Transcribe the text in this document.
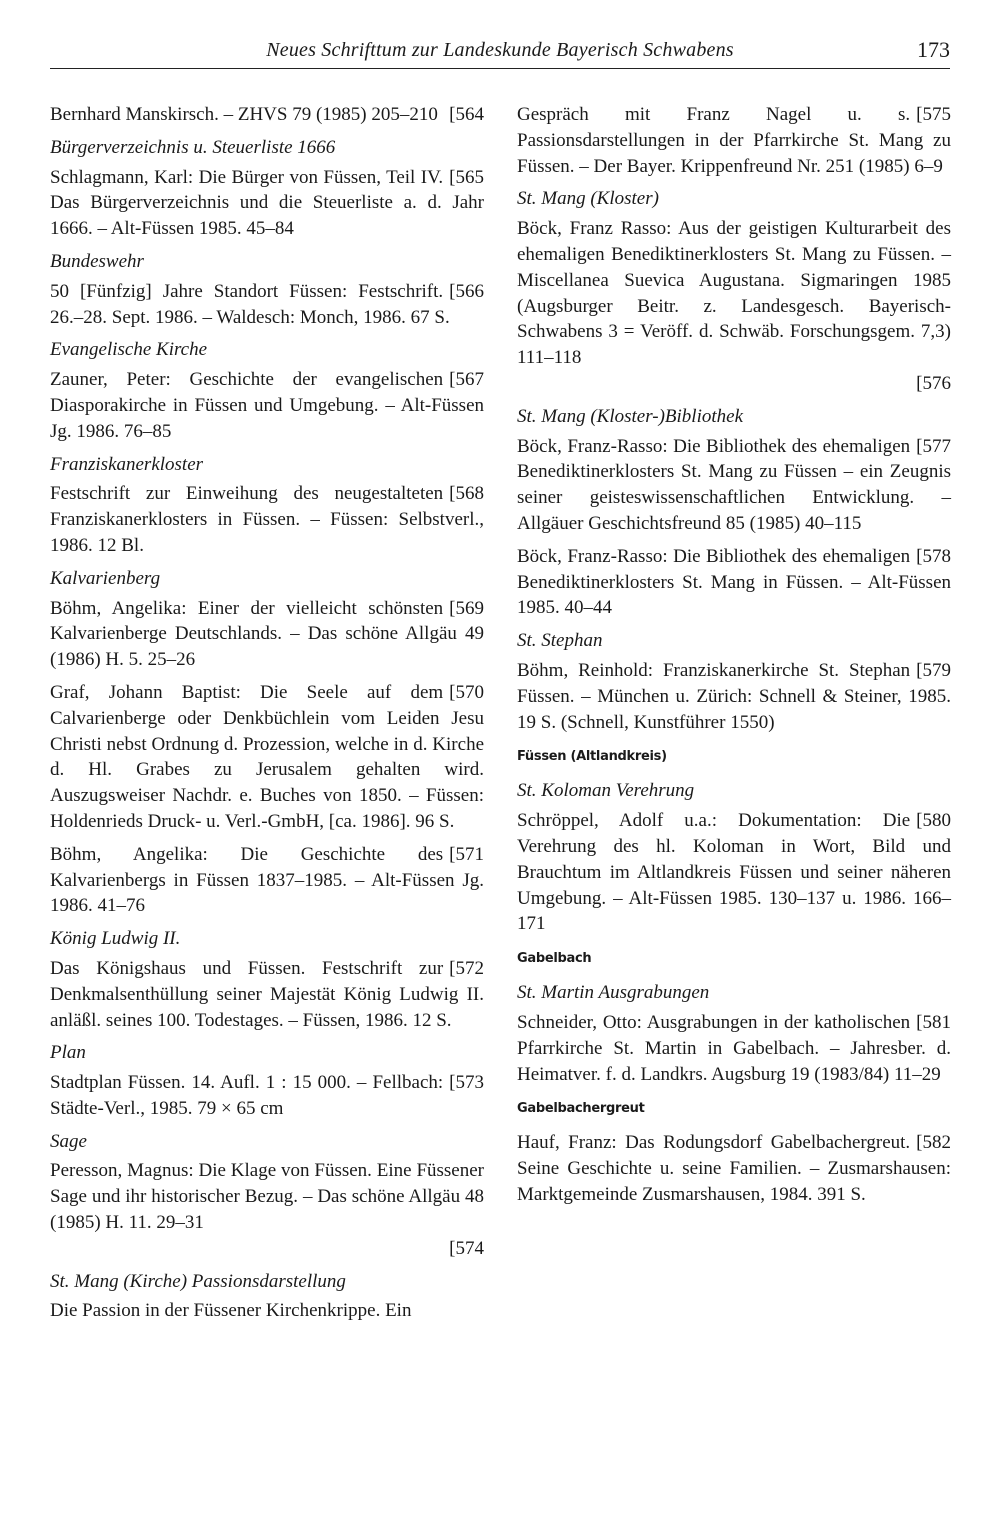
Neues Schrifttum zur Landeskunde Bayerisch Schwabens	173
[564
Bernhard Manskirsch. – ZHVS 79 (1985) 205–210
Bürgerverzeichnis u. Steuerliste 1666
[565
Schlagmann, Karl: Die Bürger von Füssen, Teil IV. Das Bürgerverzeichnis und die Steuerliste a. d. Jahr 1666. – Alt-Füssen 1985. 45–84
Bundeswehr
[566
50 [Fünfzig] Jahre Standort Füssen: Festschrift. 26.–28. Sept. 1986. – Waldesch: Monch, 1986. 67 S.
Evangelische Kirche
[567
Zauner, Peter: Geschichte der evangelischen Diasporakirche in Füssen und Umgebung. – Alt-Füssen Jg. 1986. 76–85
Franziskanerkloster
[568
Festschrift zur Einweihung des neugestalteten Franziskanerklosters in Füssen. – Füssen: Selbstverl., 1986. 12 Bl.
Kalvarienberg
[569
Böhm, Angelika: Einer der vielleicht schönsten Kalvarienberge Deutschlands. – Das schöne Allgäu 49 (1986) H. 5. 25–26
[570
Graf, Johann Baptist: Die Seele auf dem Calvarienberge oder Denkbüchlein vom Leiden Jesu Christi nebst Ordnung d. Prozession, welche in d. Kirche d. Hl. Grabes zu Jerusalem gehalten wird. Auszugsweiser Nachdr. e. Buches von 1850. – Füssen: Holdenrieds Druck- u. Verl.-GmbH, [ca. 1986]. 96 S.
[571
Böhm, Angelika: Die Geschichte des Kalvarienbergs in Füssen 1837–1985. – Alt-Füssen Jg. 1986. 41–76
König Ludwig II.
[572
Das Königshaus und Füssen. Festschrift zur Denkmalsenthüllung seiner Majestät König Ludwig II. anläßl. seines 100. Todestages. – Füssen, 1986. 12 S.
Plan
[573
Stadtplan Füssen. 14. Aufl. 1 : 15 000. – Fellbach: Städte-Verl., 1985. 79 × 65 cm
Sage
Peresson, Magnus: Die Klage von Füssen. Eine Füssener Sage und ihr historischer Bezug. – Das schöne Allgäu 48 (1985) H. 11. 29–31
[574
St. Mang (Kirche) Passionsdarstellung
Die Passion in der Füssener Kirchenkrippe. Ein
[575
Gespräch mit Franz Nagel u. s. Passionsdarstellungen in der Pfarrkirche St. Mang zu Füssen. – Der Bayer. Krippenfreund Nr. 251 (1985) 6–9
St. Mang (Kloster)
Böck, Franz Rasso: Aus der geistigen Kulturarbeit des ehemaligen Benediktinerklosters St. Mang zu Füssen. – Miscellanea Suevica Augustana. Sigmaringen 1985 (Augsburger Beitr. z. Landesgesch. Bayerisch-Schwabens 3 = Veröff. d. Schwäb. Forschungsgem. 7,3) 111–118
[576
St. Mang (Kloster-)Bibliothek
[577
Böck, Franz-Rasso: Die Bibliothek des ehemaligen Benediktinerklosters St. Mang zu Füssen – ein Zeugnis seiner geisteswissenschaftlichen Entwicklung. – Allgäuer Geschichtsfreund 85 (1985) 40–115
[578
Böck, Franz-Rasso: Die Bibliothek des ehemaligen Benediktinerklosters St. Mang in Füssen. – Alt-Füssen 1985. 40–44
St. Stephan
[579
Böhm, Reinhold: Franziskanerkirche St. Stephan Füssen. – München u. Zürich: Schnell & Steiner, 1985. 19 S. (Schnell, Kunstführer 1550)
Füssen (Altlandkreis)
St. Koloman Verehrung
[580
Schröppel, Adolf u.a.: Dokumentation: Die Verehrung des hl. Koloman in Wort, Bild und Brauchtum im Altlandkreis Füssen und seiner näheren Umgebung. – Alt-Füssen 1985. 130–137 u. 1986. 166–171
Gabelbach
St. Martin Ausgrabungen
[581
Schneider, Otto: Ausgrabungen in der katholischen Pfarrkirche St. Martin in Gabelbach. – Jahresber. d. Heimatver. f. d. Landkrs. Augsburg 19 (1983/84) 11–29
Gabelbachergreut
[582
Hauf, Franz: Das Rodungsdorf Gabelbachergreut. Seine Geschichte u. seine Familien. – Zusmarshausen: Marktgemeinde Zusmarshausen, 1984. 391 S.
